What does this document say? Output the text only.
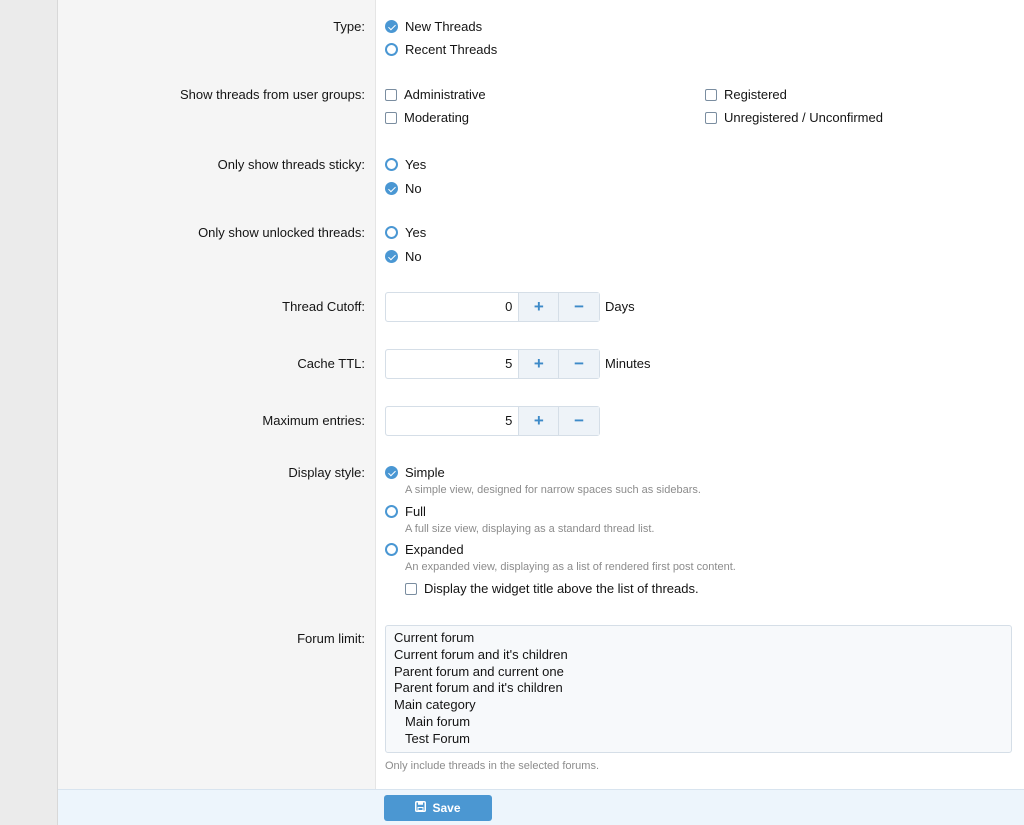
Type:	New Threads
Recent Threads
Show threads from user groups:	Administrative
Moderating
Registered
Unregistered / Unconfirmed
Only show threads sticky:	Yes
No
Only show unlocked threads:	Yes
No
Thread Cutoff:	0	+	−	Days
Cache TTL:	5	+	−	Minutes
Maximum entries:	5	+	−
Display style:	Simple
A simple view, designed for narrow spaces such as sidebars.
Full
A full size view, displaying as a standard thread list.
Expanded
An expanded view, displaying as a list of rendered first post content.
Display the widget title above the list of threads.
Forum limit: Current forum
Current forum and it's children
Parent forum and current one
Parent forum and it's children
Main category
Main forum
Test Forum
Only include threads in the selected forums.
Save
